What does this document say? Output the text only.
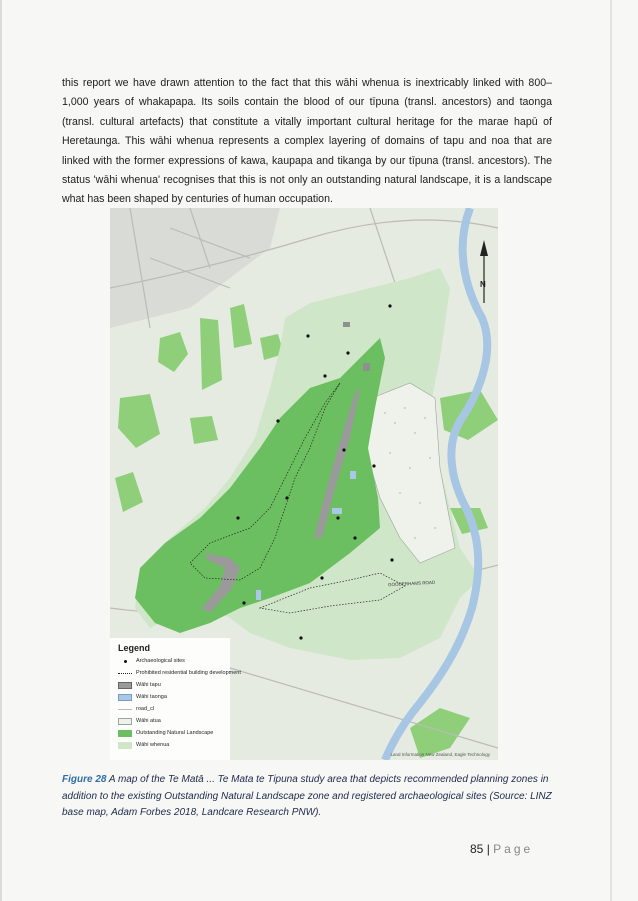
this report we have drawn attention to the fact that this wāhi whenua is inextricably linked with 800–1,000 years of whakapapa. Its soils contain the blood of our tīpuna (transl. ancestors) and taonga (transl. cultural artefacts) that constitute a vitally important cultural heritage for the marae hapū of Heretaunga. This wāhi whenua represents a complex layering of domains of tapu and noa that are linked with the former expressions of kawa, kaupapa and tikanga by our tīpuna (transl. ancestors). The status 'wāhi whenua' recognises that this is not only an outstanding natural landscape, it is a landscape what has been shaped by centuries of human occupation.

N
GOODERHAMS ROAD
Legend
Archaeological sites
Prohibited residential building development
Wāhi tapu
Wāhi taonga
road_cl
Wāhi atua
Outstanding Natural Landscape
Wāhi whenua
Land Information New Zealand, Eagle Technology

Figure 28 A map of the Te Matā ... Te Mata te Tipuna study area that depicts recommended planning zones in addition to the existing Outstanding Natural Landscape zone and registered archaeological sites (Source: LINZ base map, Adam Forbes 2018, Landcare Research PNW).

85 | Page
